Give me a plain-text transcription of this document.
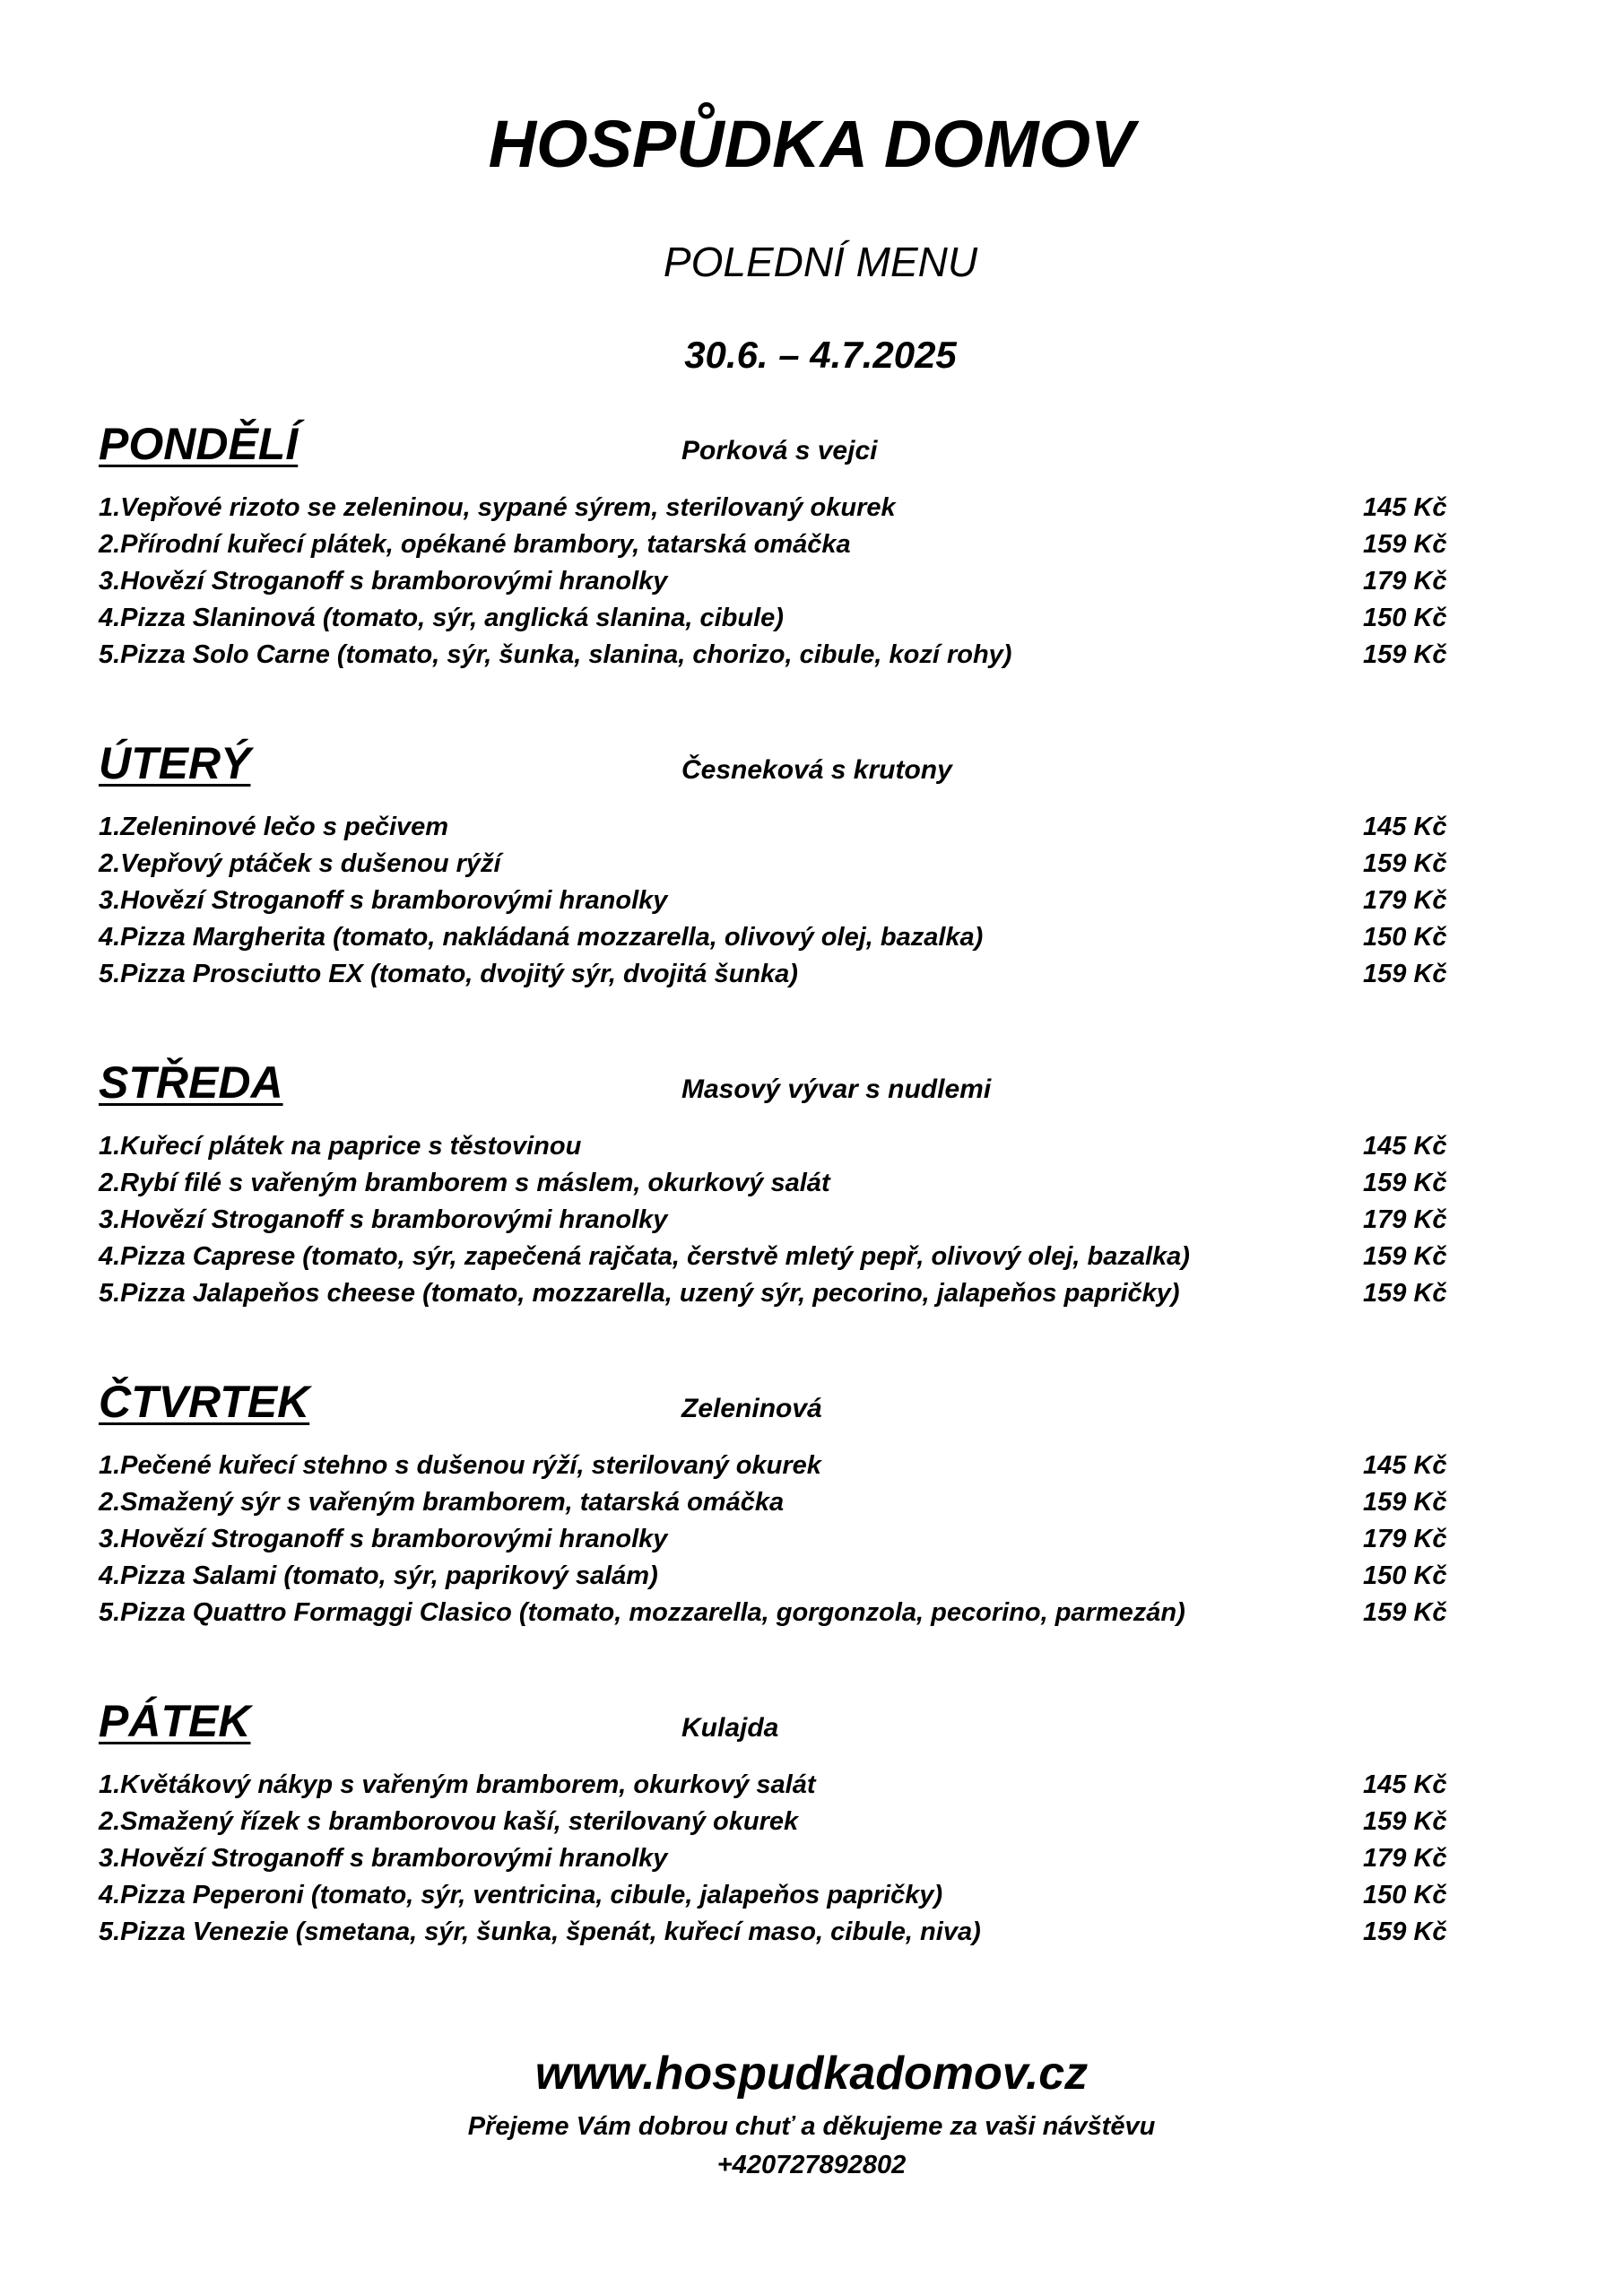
HOSPŮDKA DOMOV
POLEDNÍ MENU
30.6. – 4.7.2025
PONDĚLÍ	Porková s vejci
1.Vepřové rizoto se zeleninou, sypané sýrem, sterilovaný okurek	145 Kč
2.Přírodní kuřecí plátek, opékané brambory, tatarská omáčka	159 Kč
3.Hovězí Stroganoff s bramborovými hranolky	179 Kč
4.Pizza Slaninová (tomato, sýr, anglická slanina, cibule)	150 Kč
5.Pizza Solo Carne (tomato, sýr, šunka, slanina, chorizo, cibule, kozí rohy)	159 Kč
ÚTERÝ	Česneková s krutony
1.Zeleninové lečo s pečivem	145 Kč
2.Vepřový ptáček s dušenou rýží	159 Kč
3.Hovězí Stroganoff s bramborovými hranolky	179 Kč
4.Pizza Margherita (tomato, nakládaná mozzarella, olivový olej, bazalka)	150 Kč
5.Pizza Prosciutto EX (tomato, dvojitý sýr, dvojitá šunka)	159 Kč
STŘEDA	Masový vývar s nudlemi
1.Kuřecí plátek na paprice s těstovinou	145 Kč
2.Rybí filé s vařeným bramborem s máslem, okurkový salát	159 Kč
3.Hovězí Stroganoff s bramborovými hranolky	179 Kč
4.Pizza Caprese (tomato, sýr, zapečená rajčata, čerstvě mletý pepř, olivový olej, bazalka)	159 Kč
5.Pizza Jalapeňos cheese (tomato, mozzarella, uzený sýr, pecorino, jalapeňos papričky)	159 Kč
ČTVRTEK	Zeleninová
1.Pečené kuřecí stehno s dušenou rýží, sterilovaný okurek	145 Kč
2.Smažený sýr s vařeným bramborem, tatarská omáčka	159 Kč
3.Hovězí Stroganoff s bramborovými hranolky	179 Kč
4.Pizza Salami (tomato, sýr, paprikový salám)	150 Kč
5.Pizza Quattro Formaggi Clasico (tomato, mozzarella, gorgonzola, pecorino, parmezán)	159 Kč
PÁTEK	Kulajda
1.Květákový nákyp s vařeným bramborem, okurkový salát	145 Kč
2.Smažený řízek s bramborovou kaší, sterilovaný okurek	159 Kč
3.Hovězí Stroganoff s bramborovými hranolky	179 Kč
4.Pizza Peperoni (tomato, sýr, ventricina, cibule, jalapeňos papričky)	150 Kč
5.Pizza Venezie (smetana, sýr, šunka, špenát, kuřecí maso, cibule, niva)	159 Kč
www.hospudkadomov.cz
Přejeme Vám dobrou chuť a děkujeme za vaši návštěvu
+420727892802
